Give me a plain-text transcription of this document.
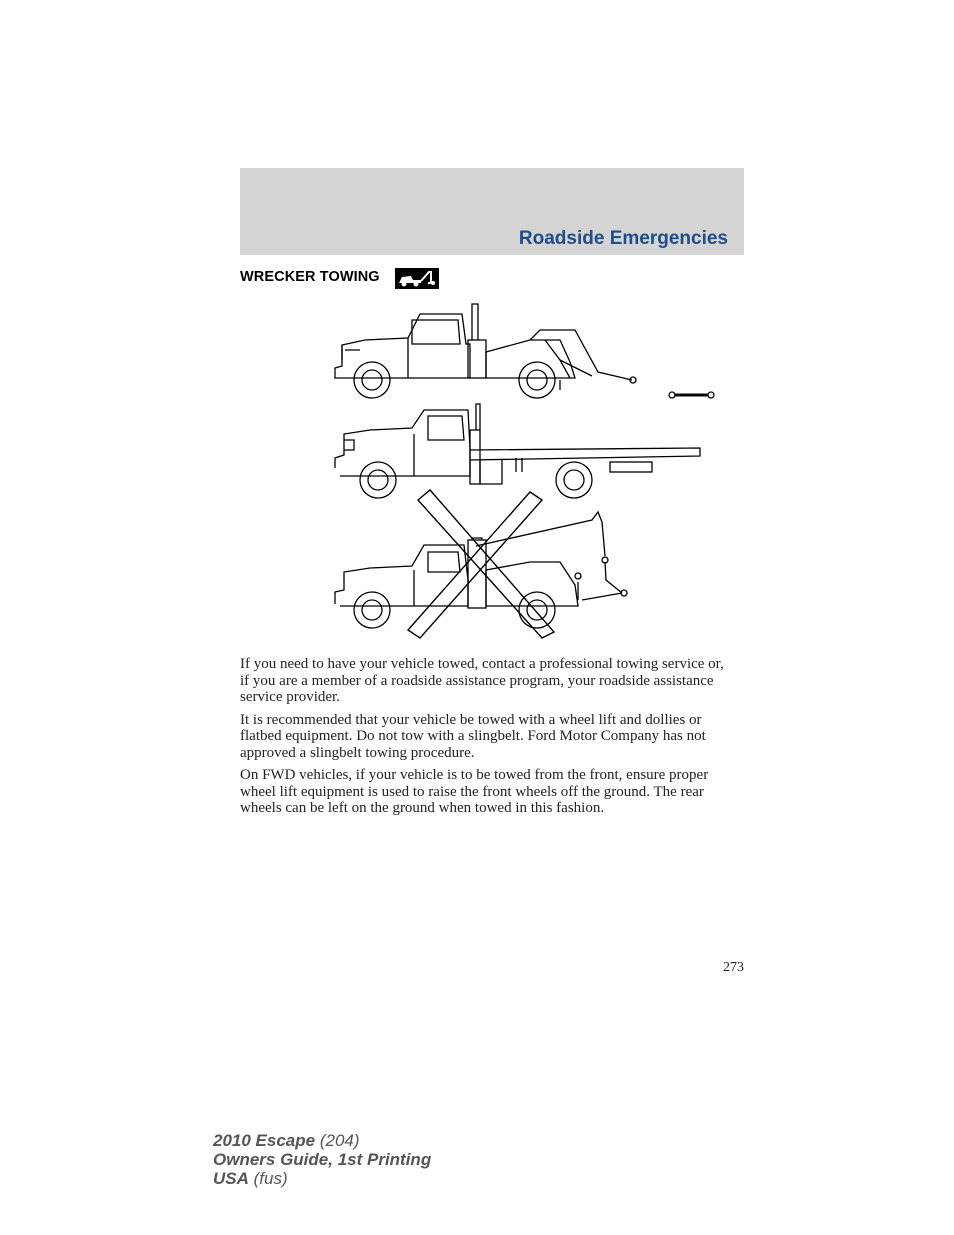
Roadside Emergencies
WRECKER TOWING

If you need to have your vehicle towed, contact a professional towing service or, if you are a member of a roadside assistance program, your roadside assistance service provider.

It is recommended that your vehicle be towed with a wheel lift and dollies or flatbed equipment. Do not tow with a slingbelt. Ford Motor Company has not approved a slingbelt towing procedure.

On FWD vehicles, if your vehicle is to be towed from the front, ensure proper wheel lift equipment is used to raise the front wheels off the ground. The rear wheels can be left on the ground when towed in this fashion.

273
2010 Escape (204)
Owners Guide, 1st Printing
USA (fus)
